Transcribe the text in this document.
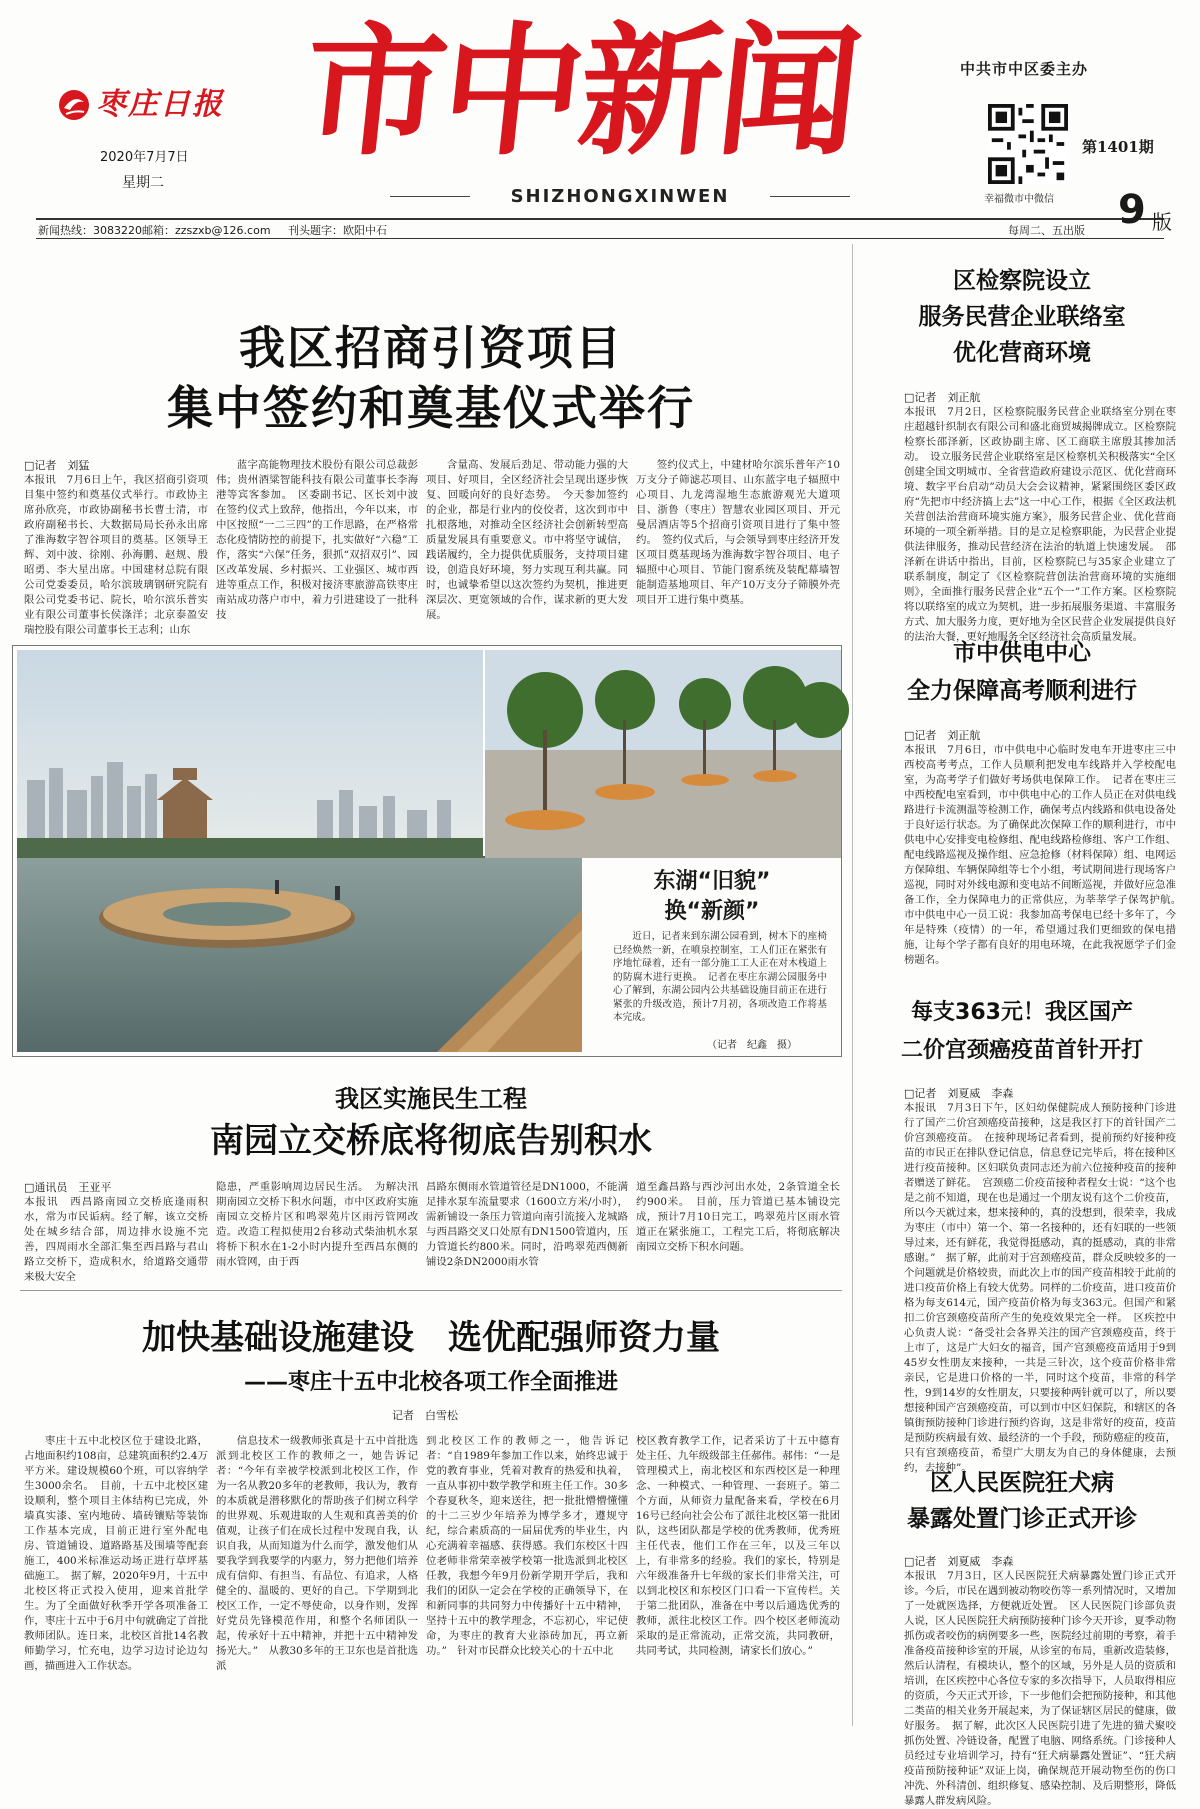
枣庄日报
2020年7月7日
星期二
市中新闻
SHIZHONGXINWEN
中共市中区委主办
第1401期
幸福微市中微信
新闻热线：3083220 邮箱：zzszxb@126.com 刊头题字：欧阳中石	每周二、五出版 9 版
我区招商引资项目
集中签约和奠基仪式举行
□记者　刘猛

本报讯　7月6日上午，我区招商引资项目集中签约和奠基仪式举行。市政协主席孙欣亮，市政协副秘书长曹士清，市政府副秘书长、大数据局局长孙永出席了淮海数字智谷项目的奠基。区领导王辉、刘中波、徐刚、孙海鹏、赵规、殷昭勇、李大星出席。中国建材总院有限公司党委委员，哈尔滨玻璃钢研究院有限公司党委书记、院长，哈尔滨乐普实业有限公司董事长侯涤洋；北京泰盈安瑞控股有限公司董事长王志利；山东

蓝字高能物理技术股份有限公司总裁彭伟；贵州酒粱智能科技有限公司董事长李海港等宾客参加。　区委副书记、区长刘中波在签约仪式上致辞，他指出，今年以来，市中区按照“一二三四”的工作思路，在严格常态化疫情防控的前提下，扎实做好“六稳”工作，落实“六保”任务，狠抓“双招双引”、园区改革发展、乡村振兴、工业强区、城市西进等重点工作，积极对接济枣旅游高铁枣庄南站成功落户市中，着力引进建设了一批科技

含量高、发展后劲足、带动能力强的大项目、好项目，全区经济社会呈现出逐步恢复、回暖向好的良好态势。　今天参加签约的企业，都是行业内的佼佼者，这次到市中扎根落地，对推动全区经济社会创新转型高质量发展具有重要意义。市中将坚守诚信，践诺履约，全力提供优质服务，支持项目建设，创造良好环境，努力实现互利共赢。同时，也诚挚希望以这次签约为契机，推进更深层次、更宽领域的合作，谋求新的更大发展。

签约仪式上，中建材哈尔滨乐普年产10万支分子筛滤芯项目、山东蓝字电子辐照中心项目、九龙湾湿地生态旅游观光大道项目、浙鲁（枣庄）智慧农业园区项目、开元曼居酒店等5个招商引资项目进行了集中签约。　签约仪式后，与会领导到枣庄经济开发区项目奠基现场为淮海数字智谷项目、电子辐照中心项目、节能门窗系统及装配幕墙智能制造基地项目、年产10万支分子筛膜外壳项目开工进行集中奠基。

东湖“旧貌”
换“新颜”

近日，记者来到东湖公园看到，树木下的座椅已经焕然一新，在噴泉控制室，工人们正在紧张有序地忙碌着，还有一部分施工工人正在对木栈道上的防腐木进行更换。　记者在枣庄东湖公园服务中心了解到，东湖公园内公共基础设施目前正在进行紧张的升级改造，预计7月初，各项改造工作将基本完成。

（记者　纪鑫　摄）
我区实施民生工程
南园立交桥底将彻底告别积水
□通讯员　王亚平

本报讯　西昌路南园立交桥底逢雨积水，常为市民诟病。经了解，该立交桥处在城乡结合部，周边排水设施不完善，四周雨水全部汇集至西昌路与君山路立交桥下，造成积水，给道路交通带来极大安全

隐患，严重影响周边居民生活。　为解决汛期南园立交桥下积水问题，市中区政府实施南园立交桥片区和鸣翠苑片区雨污管网改造。改造工程拟使用2台移动式柴油机水泵将桥下积水在1-2小时内提升至西昌东侧的雨水管网，由于西

昌路东侧雨水管道管径是DN1000，不能满足排水泵车流量要求（1600立方米/小时），需新铺设一条压力管道向南引流接入龙城路与西昌路交叉口处原有DN1500管道内，压力管道长约800米。同时，沿鸣翠苑西侧新铺设2条DN2000雨水管

道至鑫昌路与西沙河出水处，2条管道全长约900米。　目前，压力管道已基本铺设完成，预计7月10日完工，鸣翠苑片区雨水管道正在紧张施工，工程完工后，将彻底解决南园立交桥下积水问题。

加快基础设施建设　选优配强师资力量
——枣庄十五中北校各项工作全面推进
记者　白雪松

枣庄十五中北校区位于建设北路，占地面积约108亩，总建筑面积约2.4万平方米。建设规模60个班，可以容纳学生3000余名。　目前，十五中北校区建设顺利，整个项目主体结构已完成，外墙真实漆、室内地砖、墙砖镶贴等装饰工作基本完成，目前正进行室外配电房、管道铺设、道路路基及围墙等配套施工，400米标准运动场正进行草坪基础施工。　据了解，2020年9月，十五中北校区将正式投入使用，迎来首批学生。为了全面做好秋季开学各项准备工作，枣庄十五中于6月中旬就确定了首批教师团队。连日来，北校区首批14名教师勤学习，忙充电，边学习边讨论边勾画，描画进入工作状态。

信息技术一级教师张真是十五中首批选派到北校区工作的教师之一，她告诉记者：“今年有幸被学校派到北校区工作，作为一名从教20多年的老教师，我认为，教育的本质就是潜移默化的帮助孩子们树立科学的世界观、乐观进取的人生观和真善美的价值观，让孩子们在成长过程中发现自我，认识自我，从而知道为什么而学，激发他们从要我学到我要学的内驱力，努力把他们培养成有信仰、有担当、有品位、有追求，人格健全的、温暖的、更好的自己。下学期到北校区工作，一定不辱使命，以身作则，发挥好党员先锋模范作用，和整个名师团队一起，传承好十五中精神，并把十五中精神发扬光大。”　从教30多年的王卫东也是首批选派

到北校区工作的教师之一，他告诉记者：“自1989年参加工作以来，始终忠诚于党的教育事业，凭着对教育的热爱和执着，一直从事初中数学教学和班主任工作。30多个春夏秋冬，迎来送往，把一批批懵懵懂懂的十二三岁少年培养为博学多才，遵规守纪，综合素质高的一届届优秀的毕业生，内心充满着幸福感、获得感。我们东校区十四位老师非常荣幸被学校第一批选派到北校区任教，我想今年9月份新学期开学后，我和我们的团队一定会在学校的正确领导下，在和新同事的共同努力中传播好十五中精神，坚持十五中的教学理念，不忘初心，牢记使命，为枣庄的教育大业添砖加瓦，再立新功。”　针对市民群众比较关心的十五中北

校区教育教学工作，记者采访了十五中德育处主任、九年级级部主任郝伟。郝伟：“一是管理模式上，南北校区和东西校区是一种理念、一种模式、一种管理、一套班子。第二个方面，从师资力量配备来看，学校在6月16号已经向社会公布了派往北校区第一批团队，这些团队都是学校的优秀教师，优秀班主任代表，他们工作在三年，以及三年以上，有非常多的经验。我们的家长，特别是六年级准备升七年级的家长们非常关注，可以到北校区和东校区门口看一下宣传栏。关于第二批团队，准备在中考以后通选优秀的教师，派往北校区工作。四个校区老师流动采取的是正常流动，正常交流，共同教研，共同考试，共同检测，请家长们放心。”

区检察院设立
服务民营企业联络室
优化营商环境
□记者　刘正航

本报讯　7月2日，区检察院服务民营企业联络室分别在枣庄超越针织制衣有限公司和盛北商贸城揭牌成立。区检察院检察长邵泽新，区政协副主席、区工商联主席殷其掺加活动。　设立服务民营企业联络室是区检察机关积极落实“全区创建全国文明城市、全省营造政府建设示范区、优化营商环境、数字平台启动”动员大会会议精神，紧紧围绕区委区政府“先把市中经济搞上去”这一中心工作，根据《全区政法机关营创法治营商环境实施方案》，服务民营企业、优化营商环境的一项全新举措。目的是立足检察职能，为民营企业提供法律服务，推动民营经济在法治的轨道上快速发展。　邵泽新在讲话中指出，目前，区检察院已与35家企业建立了联系制度，制定了《区检察院营创法治营商环境的实施细则》，全面推行服务民营企业“五个一”工作方案。区检察院将以联络室的成立为契机，进一步拓展服务渠道、丰富服务方式、加大服务力度，更好地为全区民营企业发展提供良好的法治大餐，更好地服务全区经济社会高质量发展。

市中供电中心
全力保障高考顺利进行
□记者　刘正航

本报讯　7月6日，市中供电中心临时发电车开进枣庄三中西校高考考点，工作人员顺利把发电车线路并入学校配电室，为高考学子们做好考场供电保障工作。　记者在枣庄三中西校配电室看到，市中供电中心的工作人员正在对供电线路进行卡流测温等检测工作，确保考点内线路和供电设备处于良好运行状态。为了确保此次保障工作的顺利进行，市中供电中心安排变电检修组、配电线路检修组、客户工作组、配电线路巡视及操作组、应急抢修（材料保障）组、电网运方保障组、车辆保障组等七个小组，考试期间进行现场客户巡视，同时对外线电源和变电站不间断巡视，并做好应急准备工作，全力保障电力的正常供应，为莘莘学子保驾护航。　市中供电中心一员工说：我参加高考保电已经十多年了，今年是特殊（疫情）的一年，希望通过我们更细致的保电措施，让每个学子都有良好的用电环境，在此我祝愿学子们金榜题名。

每支363元！我区国产
二价宫颈癌疫苗首针开打
□记者　刘夏威　李森

本报讯　7月3日下午，区妇幼保健院成人预防接种门诊进行了国产二价宫颈癌疫苗接种，这是我区打下的首针国产二价宫颈癌疫苗。　在接种现场记者看到，提前预约好接种疫苗的市民正在排队登记信息，信息登记完毕后，将在接种区进行疫苗接种。区妇联负责同志还为前六位接种疫苗的接种者赠送了鲜花。　宫颈癌二价疫苗接种者程女士说：“这个也是之前不知道，现在也是通过一个朋友说有这个二价疫苗，所以今天就过来，想来接种的，真的没想到，很荣幸，我成为枣庄（市中）第一个、第一名接种的，还有妇联的一些领导过来，还有鲜花，我觉得挺感动，真的挺感动，真的非常感谢。”　据了解，此前对于宫颈癌疫苗，群众反映较多的一个问题就是价格较贵，而此次上市的国产疫苗相较于此前的进口疫苗价格上有较大优势。同样的二价疫苗，进口疫苗价格为每支614元，国产疫苗价格为每支363元。但国产和紧扣二价宫颈癌疫苗所产生的免疫效果完全一样。　区疾控中心负责人说：“备受社会各界关注的国产宫颈癌疫苗，终于上市了，这是广大妇女的福音，国产宫颈癌疫苗适用于9到45岁女性朋友来接种，一共是三针次，这个疫苗价格非常亲民，它是进口价格的一半，同时这个疫苗，非常的科学性，9到14岁的女性朋友，只要接种两针就可以了，所以要想接种国产宫颈癌疫苗，可以到市中区妇保院，和辖区的各镇街预防接种门诊进行预约咨询，这是非常好的疫苗，疫苗是预防疾病最有效、最经济的一个手段，预防癌症的疫苗，只有宫颈癌疫苗，希望广大朋友为自己的身体健康，去预约，去接种”。

区人民医院狂犬病
暴露处置门诊正式开诊
□记者　刘夏威　李森

本报讯　7月3日，区人民医院狂犬病暴露处置门诊正式开诊。今后，市民在遇到被动物咬伤等一系列情况时，又增加了一处就医选择，方便就近处置。　区人民医院门诊部负责人说，区人民医院狂犬病预防接种门诊今天开诊，夏季动物抓伤或者咬伤的病例要多一些，医院经过前期的考察，着手准备疫苗接种诊室的开展，从诊室的布局，重新改造装修，然后认清程，有模块认，整个的区域，另外是人员的资质和培训，在区疾控中心各位专家的多次指导下，人员取得相应的资质，今天正式开诊，下一步他们会把预防接种，和其他二类苗的相关业务开展起来，为了保证辖区居民的健康，做好服务。　据了解，此次区人民医院引进了先进的猫犬聚咬抓伤处置、冷链设备，配置了电脑、网络系统。门诊接种人员经过专业培训学习，持有“狂犬病暴露处置证”、“狂犬病疫苗预防接种证”双证上岗，确保规范开展动物至伤的伤口冲洗、外科清创、组织修复、感染控制、及后期整形，降低暴露人群发病风险。
